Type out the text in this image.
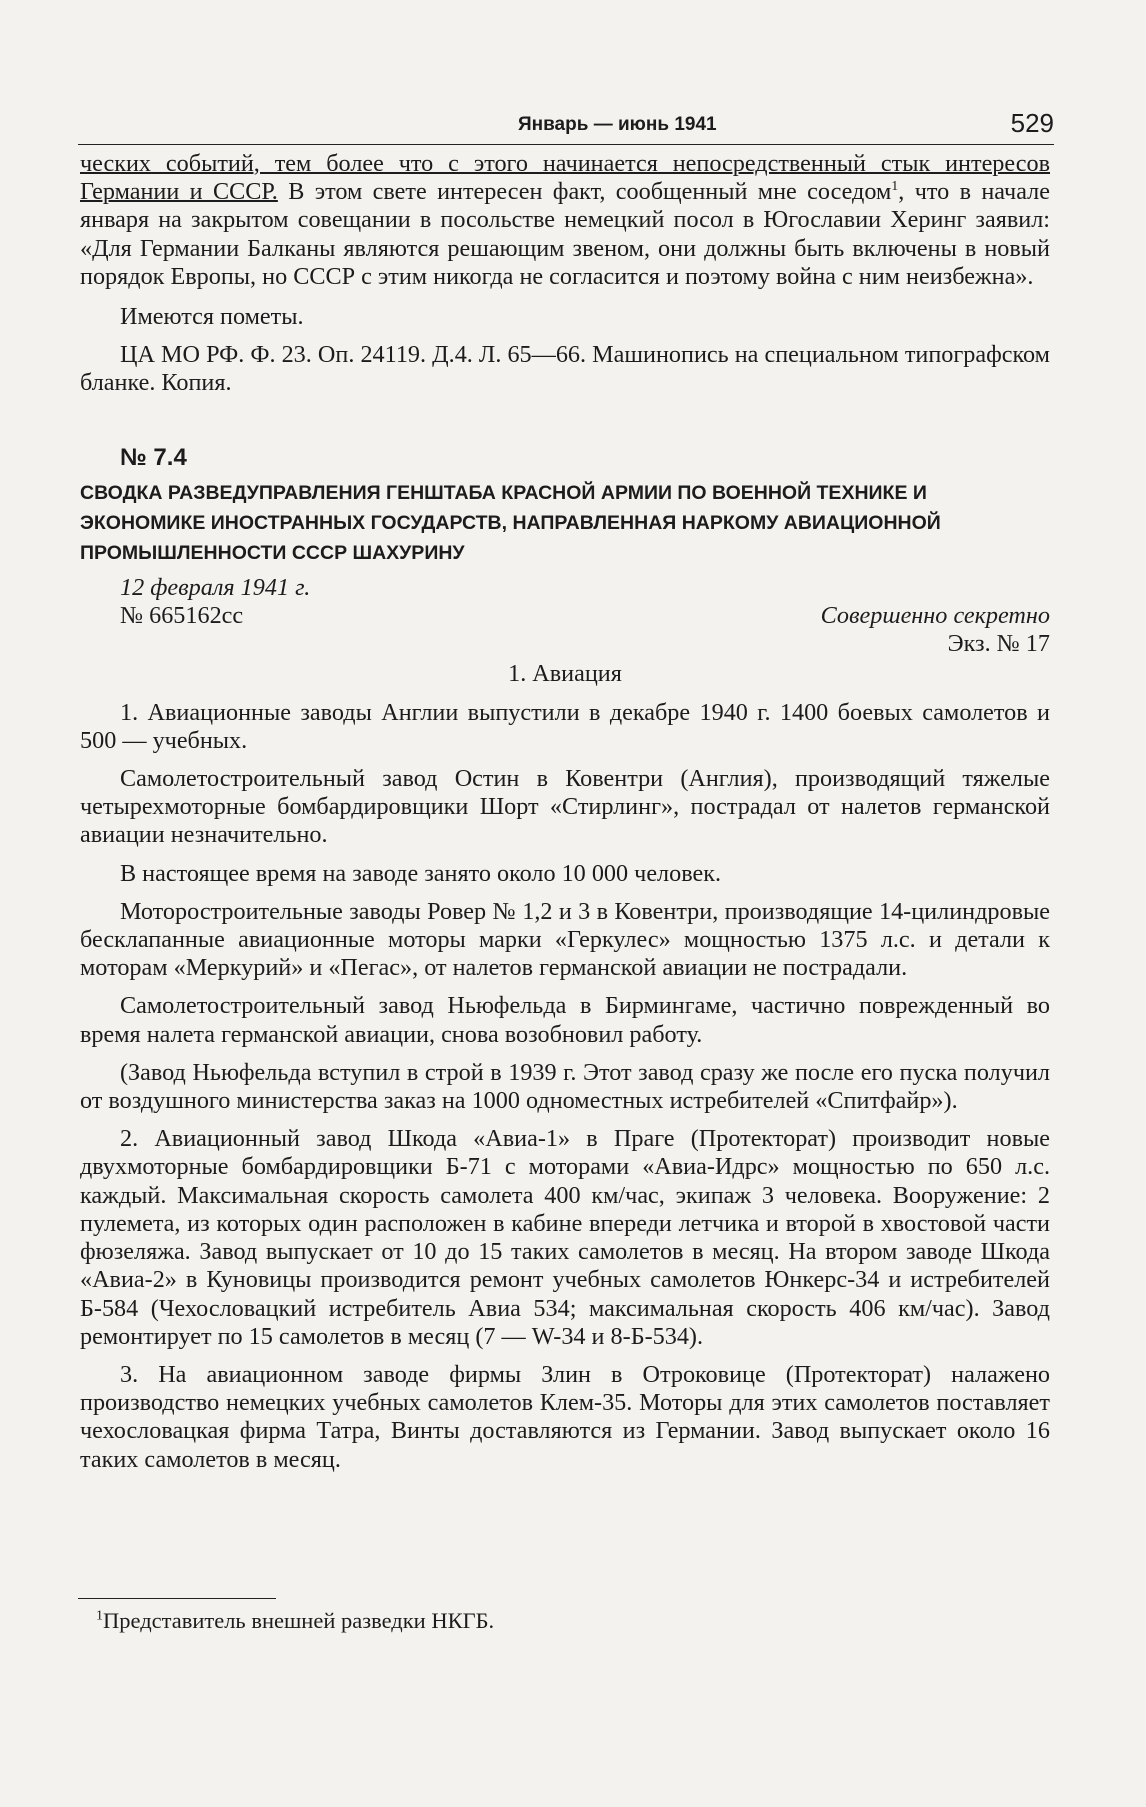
Январь — июнь 1941	529

ческих событий, тем более что с этого начинается непосредственный стык интересов Германии и СССР. В этом свете интересен факт, сообщенный мне соседом$^1$, что в начале января на закрытом совещании в посольстве немецкий посол в Югославии Херинг заявил: «Для Германии Балканы являются решающим звеном, они должны быть включены в новый порядок Европы, но СССР с этим никогда не согласится и поэтому война с ним неизбежна».

Имеются пометы.

ЦА МО РФ. Ф. 23. Оп. 24119. Д.4. Л. 65—66. Машинопись на специальном типографском бланке. Копия.

№ 7.4

СВОДКА РАЗВЕДУПРАВЛЕНИЯ ГЕНШТАБА КРАСНОЙ АРМИИ ПО ВОЕННОЙ ТЕХНИКЕ И ЭКОНОМИКЕ ИНОСТРАННЫХ ГОСУДАРСТВ, НАПРАВЛЕННАЯ НАРКОМУ АВИАЦИОННОЙ ПРОМЫШЛЕННОСТИ СССР ШАХУРИНУ

12 февраля 1941 г.

№ 665162сс	Совершенно секретно

Экз. № 17

1. Авиация

1. Авиационные заводы Англии выпустили в декабре 1940 г. 1400 боевых самолетов и 500 — учебных.

Самолетостроительный завод Остин в Ковентри (Англия), производящий тяжелые четырехмоторные бомбардировщики Шорт «Стирлинг», пострадал от налетов германской авиации незначительно.

В настоящее время на заводе занято около 10 000 человек.

Моторостроительные заводы Ровер № 1,2 и 3 в Ковентри, производящие 14-цилиндровые бесклапанные авиационные моторы марки «Геркулес» мощностью 1375 л.с. и детали к моторам «Меркурий» и «Пегас», от налетов германской авиации не пострадали.

Самолетостроительный завод Ньюфельда в Бирмингаме, частично поврежденный во время налета германской авиации, снова возобновил работу.

(Завод Ньюфельда вступил в строй в 1939 г. Этот завод сразу же после его пуска получил от воздушного министерства заказ на 1000 одноместных истребителей «Спитфайр»).

2. Авиационный завод Шкода «Авиа-1» в Праге (Протекторат) производит новые двухмоторные бомбардировщики Б-71 с моторами «Авиа-Идрс» мощностью по 650 л.с. каждый. Максимальная скорость самолета 400 км/час, экипаж 3 человека. Вооружение: 2 пулемета, из которых один расположен в кабине впереди летчика и второй в хвостовой части фюзеляжа. Завод выпускает от 10 до 15 таких самолетов в месяц. На втором заводе Шкода «Авиа-2» в Куновицы производится ремонт учебных самолетов Юнкерс-34 и истребителей Б-584 (Чехословацкий истребитель Авиа 534; максимальная скорость 406 км/час). Завод ремонтирует по 15 самолетов в месяц (7 — W-34 и 8-Б-534).

3. На авиационном заводе фирмы Злин в Отроковице (Протекторат) налажено производство немецких учебных самолетов Клем-35. Моторы для этих самолетов поставляет чехословацкая фирма Татра, Винты доставляются из Германии. Завод выпускает около 16 таких самолетов в месяц.

$^1$Представитель внешней разведки НКГБ.
